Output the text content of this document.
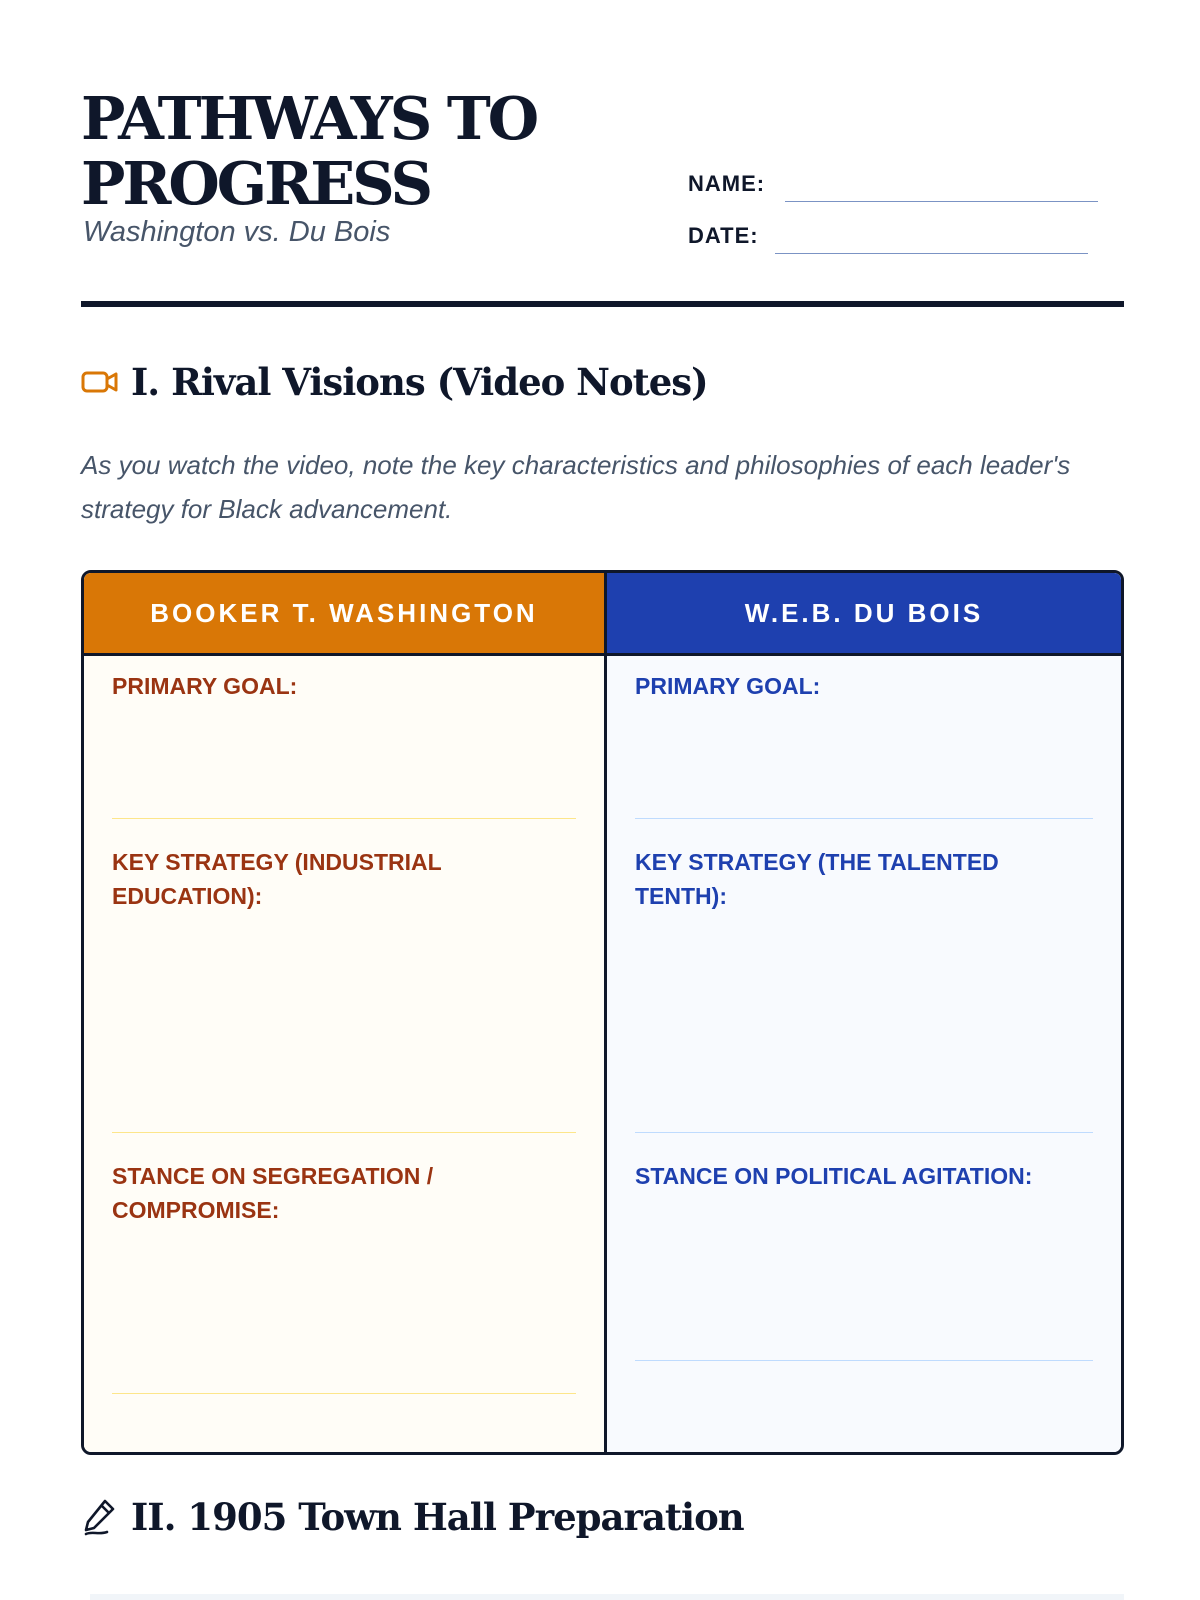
PATHWAYS TO PROGRESS
Washington vs. Du Bois
NAME:
DATE:
I. Rival Visions (Video Notes)
As you watch the video, note the key characteristics and philosophies of each leader's strategy for Black advancement.
BOOKER T. WASHINGTON
PRIMARY GOAL:
KEY STRATEGY (INDUSTRIAL EDUCATION):
STANCE ON SEGREGATION / COMPROMISE:
W.E.B. DU BOIS
PRIMARY GOAL:
KEY STRATEGY (THE TALENTED TENTH):
STANCE ON POLITICAL AGITATION:
II. 1905 Town Hall Preparation
